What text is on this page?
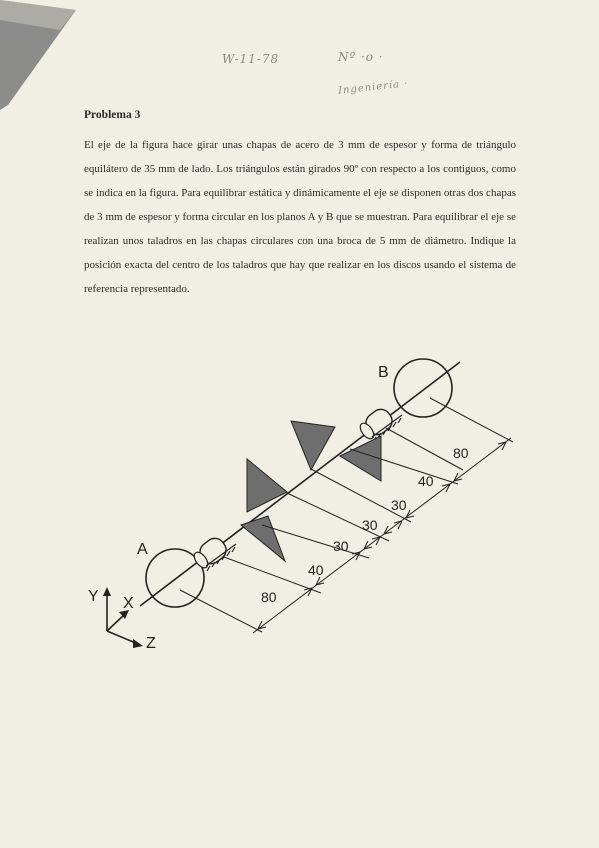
W-11-78	Nº ·o ·
Ingeniería ·
Problema 3
El eje de la figura hace girar unas chapas de acero de 3 mm de espesor y forma de triángulo equilátero de 35 mm de lado. Los triángulos están girados 90º con respecto a los contiguos, como se indica en la figura. Para equilibrar estática y dinámicamente el eje se disponen otras dos chapas de 3 mm de espesor y forma circular en los planos A y B que se muestran. Para equilibrar el eje se realizan unos taladros en las chapas circulares con una broca de 5 mm de diámetro. Indique la posición exacta del centro de los taladros que hay que realizar en los discos usando el sistema de referencia representado.
80
40
30
30
30
40
80
A
B
Y X
Z
